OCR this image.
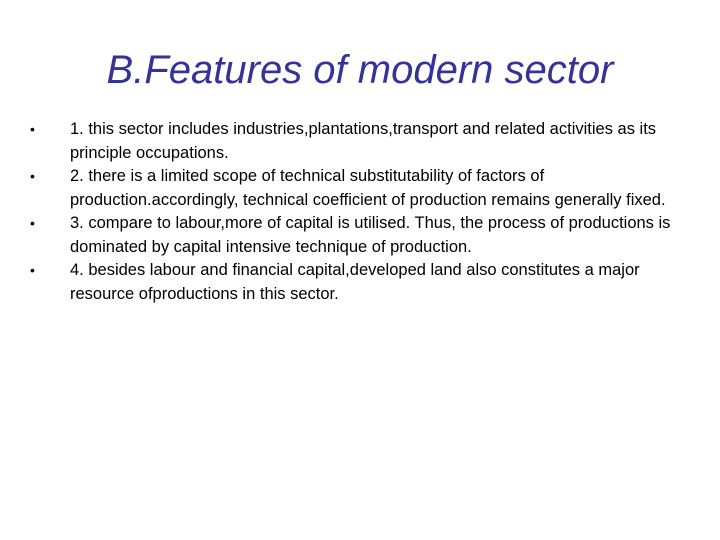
B.Features of modern sector
•	1. this sector includes industries,plantations,transport and related activities as its principle occupations.
•	2. there is a limited scope of technical substitutability of factors of production.accordingly, technical coefficient of production remains generally fixed.
•	3. compare to labour,more of capital is utilised. Thus, the process of productions is dominated by capital intensive technique of production.
•	4. besides labour and financial capital,developed land also constitutes a major resource ofproductions in this sector.
